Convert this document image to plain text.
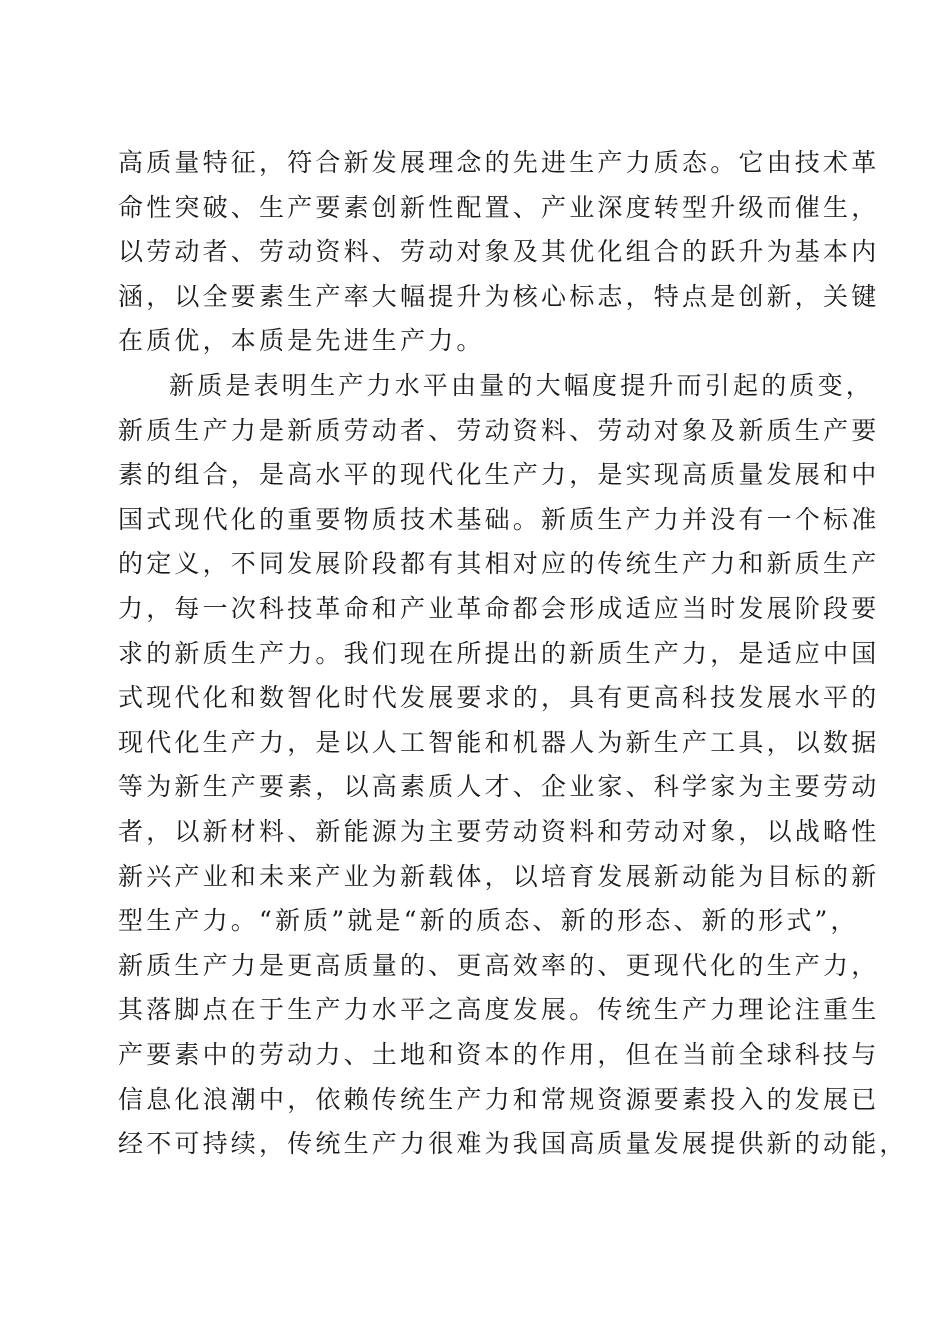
高质量特征，符合新发展理念的先进生产力质态。它由技术革
命性突破、生产要素创新性配置、产业深度转型升级而催生，
以劳动者、劳动资料、劳动对象及其优化组合的跃升为基本内
涵，以全要素生产率大幅提升为核心标志，特点是创新，关键
在质优，本质是先进生产力。
新质是表明生产力水平由量的大幅度提升而引起的质变，
新质生产力是新质劳动者、劳动资料、劳动对象及新质生产要
素的组合，是高水平的现代化生产力，是实现高质量发展和中
国式现代化的重要物质技术基础。新质生产力并没有一个标准
的定义，不同发展阶段都有其相对应的传统生产力和新质生产
力，每一次科技革命和产业革命都会形成适应当时发展阶段要
求的新质生产力。我们现在所提出的新质生产力，是适应中国
式现代化和数智化时代发展要求的，具有更高科技发展水平的
现代化生产力，是以人工智能和机器人为新生产工具，以数据
等为新生产要素，以高素质人才、企业家、科学家为主要劳动
者，以新材料、新能源为主要劳动资料和劳动对象，以战略性
新兴产业和未来产业为新载体，以培育发展新动能为目标的新
型生产力。“新质”就是“新的质态、新的形态、新的形式”，
新质生产力是更高质量的、更高效率的、更现代化的生产力，
其落脚点在于生产力水平之高度发展。传统生产力理论注重生
产要素中的劳动力、土地和资本的作用，但在当前全球科技与
信息化浪潮中，依赖传统生产力和常规资源要素投入的发展已
经不可持续，传统生产力很难为我国高质量发展提供新的动能，
